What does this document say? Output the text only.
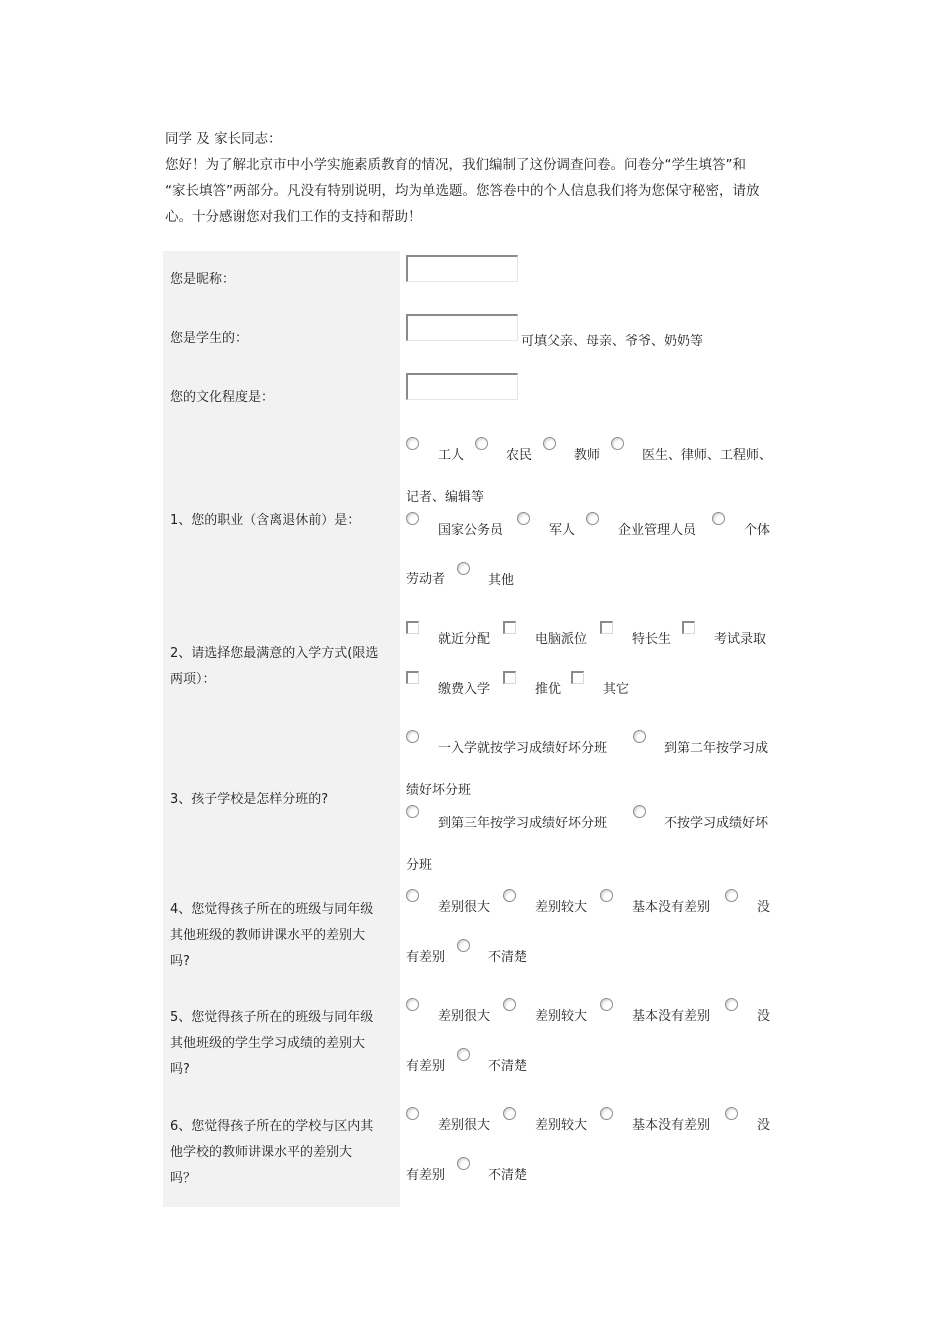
同学 及 家长同志：
您好！为了解北京市中小学实施素质教育的情况，我们编制了这份调查问卷。问卷分“学生填答”和
“家长填答”两部分。凡没有特别说明，均为单选题。您答卷中的个人信息我们将为您保守秘密，请放
心。十分感谢您对我们工作的支持和帮助！
您是昵称：
您是学生的：	可填父亲、母亲、爷爷、奶奶等
您的文化程度是：
1、您的职业（含离退休前）是：
工人	农民	教师	医生、律师、工程师、
记者、编辑等
国家公务员	军人	企业管理人员	个体
劳动者	其他
2、请选择您最满意的入学方式(限选
两项）：
就近分配	电脑派位	特长生	考试录取
缴费入学	推优	其它
3、孩子学校是怎样分班的?
一入学就按学习成绩好坏分班	到第二年按学习成
绩好坏分班
到第三年按学习成绩好坏分班	不按学习成绩好坏
分班
4、您觉得孩子所在的班级与同年级
其他班级的教师讲课水平的差别大
吗?
差别很大	差别较大	基本没有差别	没
有差别	不清楚
5、您觉得孩子所在的班级与同年级
其他班级的学生学习成绩的差别大
吗?
差别很大	差别较大	基本没有差别	没
有差别	不清楚
6、您觉得孩子所在的学校与区内其
他学校的教师讲课水平的差别大
吗？
差别很大	差别较大	基本没有差别	没
有差别	不清楚
